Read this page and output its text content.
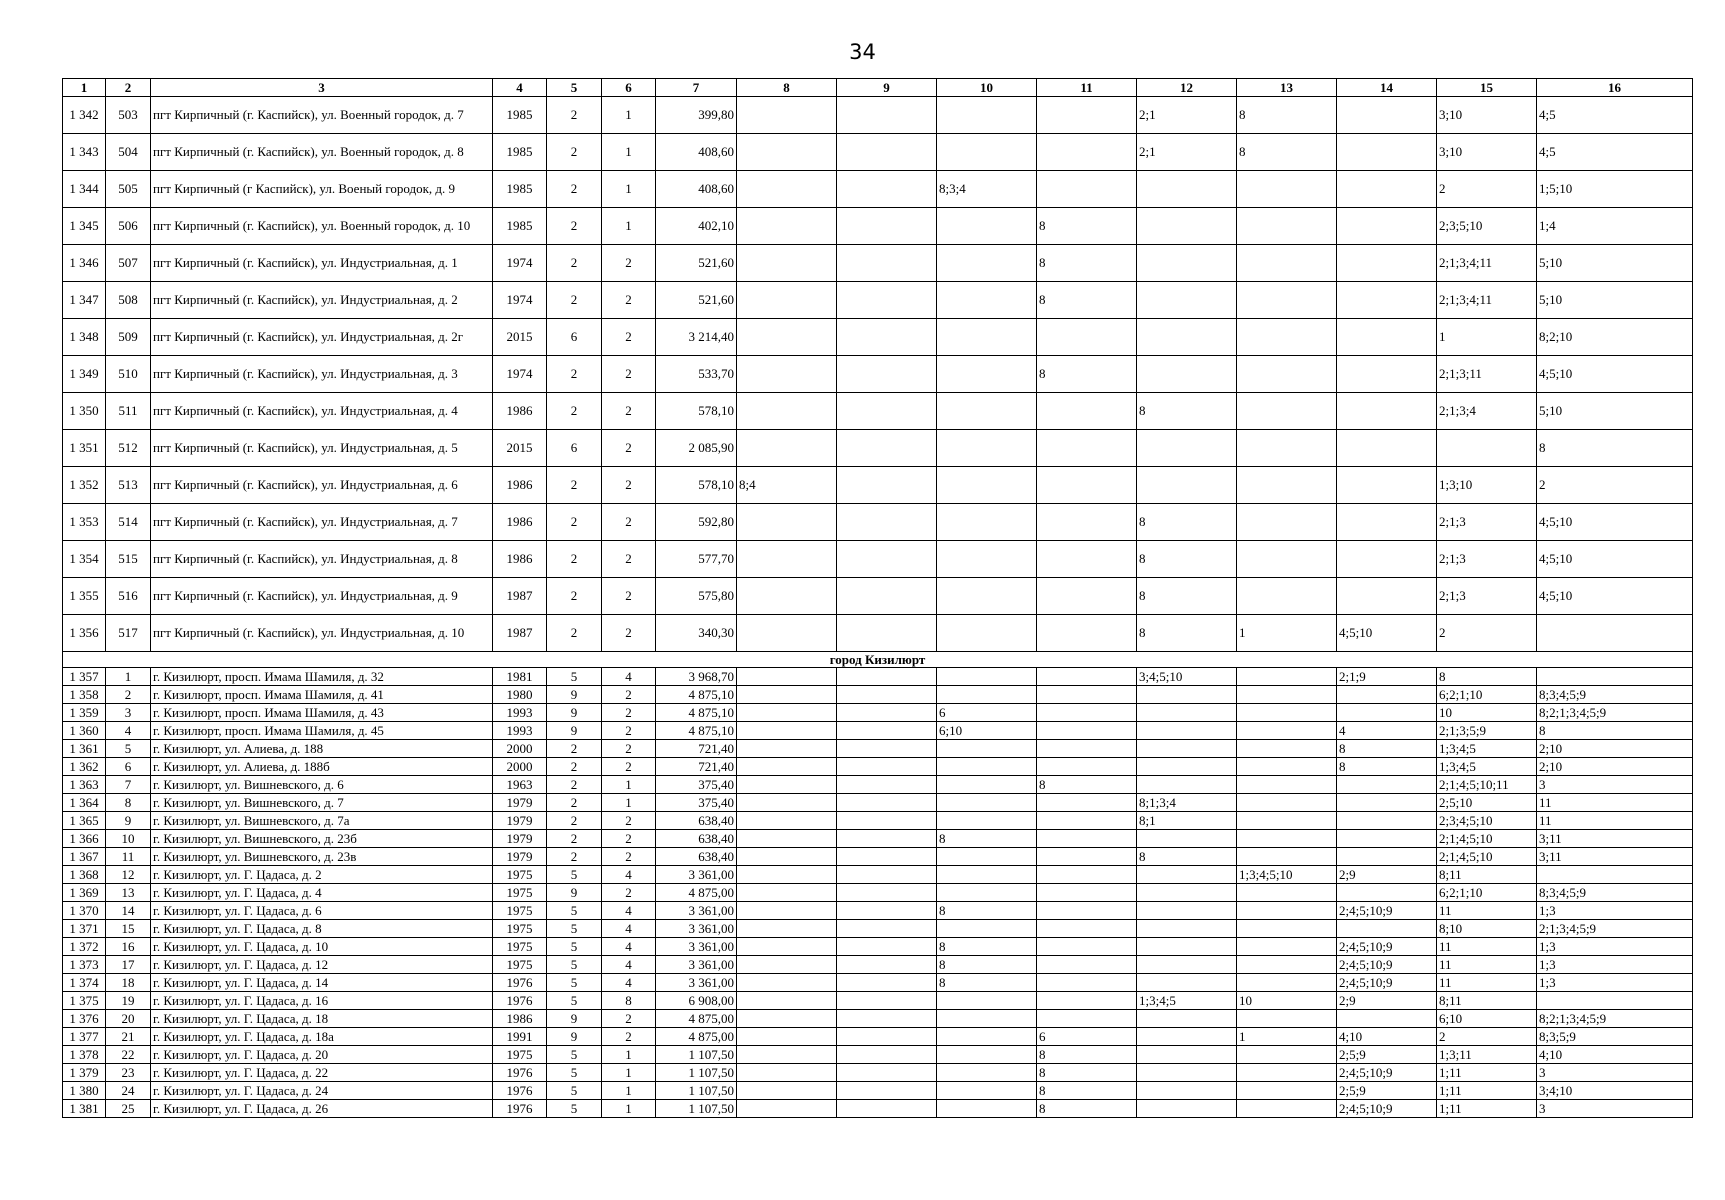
34
1	2	3	4	5	6	7	8	9	10	11	12	13	14	15	16
1 342	503	пгт Кирпичный (г. Каспийск), ул. Военный городок, д. 7	1985	2	1	399,80					2;1	8		3;10	4;5
1 343	504	пгт Кирпичный (г. Каспийск), ул. Военный городок, д. 8	1985	2	1	408,60					2;1	8		3;10	4;5
1 344	505	пгт Кирпичный (г Каспийск), ул. Военый городок, д. 9	1985	2	1	408,60			8;3;4					2	1;5;10
1 345	506	пгт Кирпичный (г. Каспийск), ул. Военный городок, д. 10	1985	2	1	402,10				8				2;3;5;10	1;4
1 346	507	пгт Кирпичный (г. Каспийск), ул. Индустриальная, д. 1	1974	2	2	521,60				8				2;1;3;4;11	5;10
1 347	508	пгт Кирпичный (г. Каспийск), ул. Индустриальная, д. 2	1974	2	2	521,60				8				2;1;3;4;11	5;10
1 348	509	пгт Кирпичный (г. Каспийск), ул. Индустриальная, д. 2г	2015	6	2	3 214,40								1	8;2;10
1 349	510	пгт Кирпичный (г. Каспийск), ул. Индустриальная, д. 3	1974	2	2	533,70				8				2;1;3;11	4;5;10
1 350	511	пгт Кирпичный (г. Каспийск), ул. Индустриальная, д. 4	1986	2	2	578,10					8			2;1;3;4	5;10
1 351	512	пгт Кирпичный (г. Каспийск), ул. Индустриальная, д. 5	2015	6	2	2 085,90									8
1 352	513	пгт Кирпичный (г. Каспийск), ул. Индустриальная, д. 6	1986	2	2	578,10	8;4							1;3;10	2
1 353	514	пгт Кирпичный (г. Каспийск), ул. Индустриальная, д. 7	1986	2	2	592,80					8			2;1;3	4;5;10
1 354	515	пгт Кирпичный (г. Каспийск), ул. Индустриальная, д. 8	1986	2	2	577,70					8			2;1;3	4;5;10
1 355	516	пгт Кирпичный (г. Каспийск), ул. Индустриальная, д. 9	1987	2	2	575,80					8			2;1;3	4;5;10
1 356	517	пгт Кирпичный (г. Каспийск), ул. Индустриальная, д. 10	1987	2	2	340,30					8	1	4;5;10	2	
город Кизилюрт															
1 357	1	г. Кизилюрт, просп. Имама Шамиля, д. 32	1981	5	4	3 968,70					3;4;5;10		2;1;9	8	
1 358	2	г. Кизилюрт, просп. Имама Шамиля, д. 41	1980	9	2	4 875,10								6;2;1;10	8;3;4;5;9
1 359	3	г. Кизилюрт, просп. Имама Шамиля, д. 43	1993	9	2	4 875,10			6					10	8;2;1;3;4;5;9
1 360	4	г. Кизилюрт, просп. Имама Шамиля, д. 45	1993	9	2	4 875,10			6;10				4	2;1;3;5;9	8
1 361	5	г. Кизилюрт, ул. Алиева, д. 188	2000	2	2	721,40							8	1;3;4;5	2;10
1 362	6	г. Кизилюрт, ул. Алиева, д. 188б	2000	2	2	721,40							8	1;3;4;5	2;10
1 363	7	г. Кизилюрт, ул. Вишневского, д. 6	1963	2	1	375,40				8				2;1;4;5;10;11	3
1 364	8	г. Кизилюрт, ул. Вишневского, д. 7	1979	2	1	375,40					8;1;3;4			2;5;10	11
1 365	9	г. Кизилюрт, ул. Вишневского, д. 7а	1979	2	2	638,40					8;1			2;3;4;5;10	11
1 366	10	г. Кизилюрт, ул. Вишневского, д. 23б	1979	2	2	638,40			8					2;1;4;5;10	3;11
1 367	11	г. Кизилюрт, ул. Вишневского, д. 23в	1979	2	2	638,40					8			2;1;4;5;10	3;11
1 368	12	г. Кизилюрт, ул. Г. Цадаса, д. 2	1975	5	4	3 361,00						1;3;4;5;10	2;9	8;11	
1 369	13	г. Кизилюрт, ул. Г. Цадаса, д. 4	1975	9	2	4 875,00								6;2;1;10	8;3;4;5;9
1 370	14	г. Кизилюрт, ул. Г. Цадаса, д. 6	1975	5	4	3 361,00			8				2;4;5;10;9	11	1;3
1 371	15	г. Кизилюрт, ул. Г. Цадаса, д. 8	1975	5	4	3 361,00								8;10	2;1;3;4;5;9
1 372	16	г. Кизилюрт, ул. Г. Цадаса, д. 10	1975	5	4	3 361,00			8				2;4;5;10;9	11	1;3
1 373	17	г. Кизилюрт, ул. Г. Цадаса, д. 12	1975	5	4	3 361,00			8				2;4;5;10;9	11	1;3
1 374	18	г. Кизилюрт, ул. Г. Цадаса, д. 14	1976	5	4	3 361,00			8				2;4;5;10;9	11	1;3
1 375	19	г. Кизилюрт, ул. Г. Цадаса, д. 16	1976	5	8	6 908,00					1;3;4;5	10	2;9	8;11	
1 376	20	г. Кизилюрт, ул. Г. Цадаса, д. 18	1986	9	2	4 875,00								6;10	8;2;1;3;4;5;9
1 377	21	г. Кизилюрт, ул. Г. Цадаса, д. 18а	1991	9	2	4 875,00				6		1	4;10	2	8;3;5;9
1 378	22	г. Кизилюрт, ул. Г. Цадаса, д. 20	1975	5	1	1 107,50				8			2;5;9	1;3;11	4;10
1 379	23	г. Кизилюрт, ул. Г. Цадаса, д. 22	1976	5	1	1 107,50				8			2;4;5;10;9	1;11	3
1 380	24	г. Кизилюрт, ул. Г. Цадаса, д. 24	1976	5	1	1 107,50				8			2;5;9	1;11	3;4;10
1 381	25	г. Кизилюрт, ул. Г. Цадаса, д. 26	1976	5	1	1 107,50				8			2;4;5;10;9	1;11	3
